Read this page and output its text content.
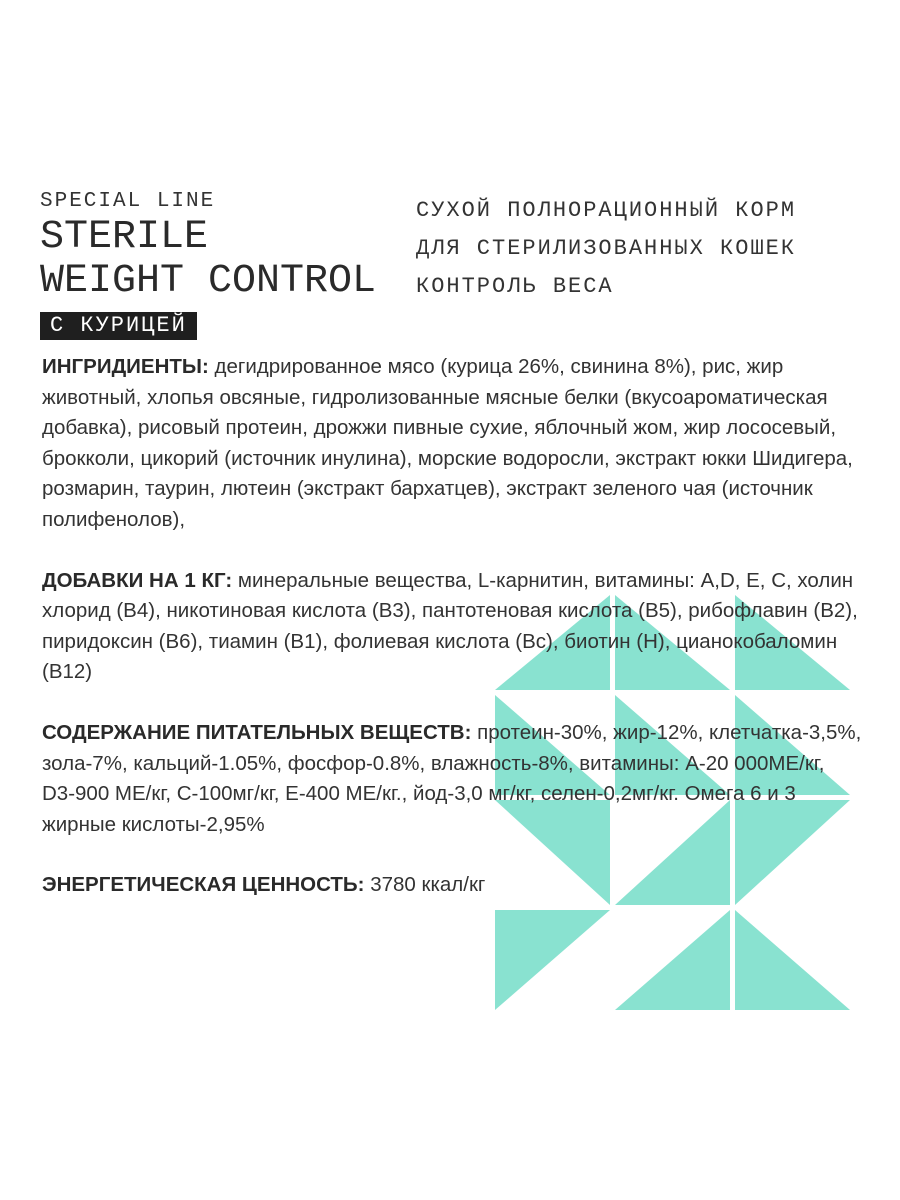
SPECIAL LINE
STERILE
WEIGHT CONTROL
С КУРИЦЕЙ
СУХОЙ ПОЛНОРАЦИОННЫЙ КОРМ
ДЛЯ СТЕРИЛИЗОВАННЫХ КОШЕК
КОНТРОЛЬ ВЕСА

ИНГРИДИЕНТЫ: дегидрированное мясо (курица 26%, свинина 8%), рис, жир животный, хлопья овсяные, гидролизованные мясные белки (вкусоароматическая добавка), рисовый протеин, дрожжи пивные сухие, яблочный жом, жир лососевый, брокколи, цикорий (источник инулина), морские водоросли, экстракт юкки Шидигера, розмарин, таурин, лютеин (экстракт бархатцев), экстракт зеленого чая (источник полифенолов),

ДОБАВКИ НА 1 КГ: минеральные вещества, L-карнитин, витамины: A,D, E, C, холин хлорид (В4), никотиновая кислота (В3), пантотеновая кислота (В5), рибофлавин (В2), пиридоксин (В6), тиамин (В1), фолиевая кислота (Вс), биотин (Н), цианокобаломин (В12)

СОДЕРЖАНИЕ ПИТАТЕЛЬНЫХ ВЕЩЕСТВ: протеин-30%, жир-12%, клетчатка-3,5%, зола-7%, кальций-1.05%, фосфор-0.8%, влажность-8%, витамины: А-20 000МЕ/кг, D3-900 МЕ/кг, С-100мг/кг, Е-400 МЕ/кг., йод-3,0 мг/кг, селен-0,2мг/кг. Омега 6 и 3 жирные кислоты-2,95%

ЭНЕРГЕТИЧЕСКАЯ ЦЕННОСТЬ: 3780 ккал/кг
